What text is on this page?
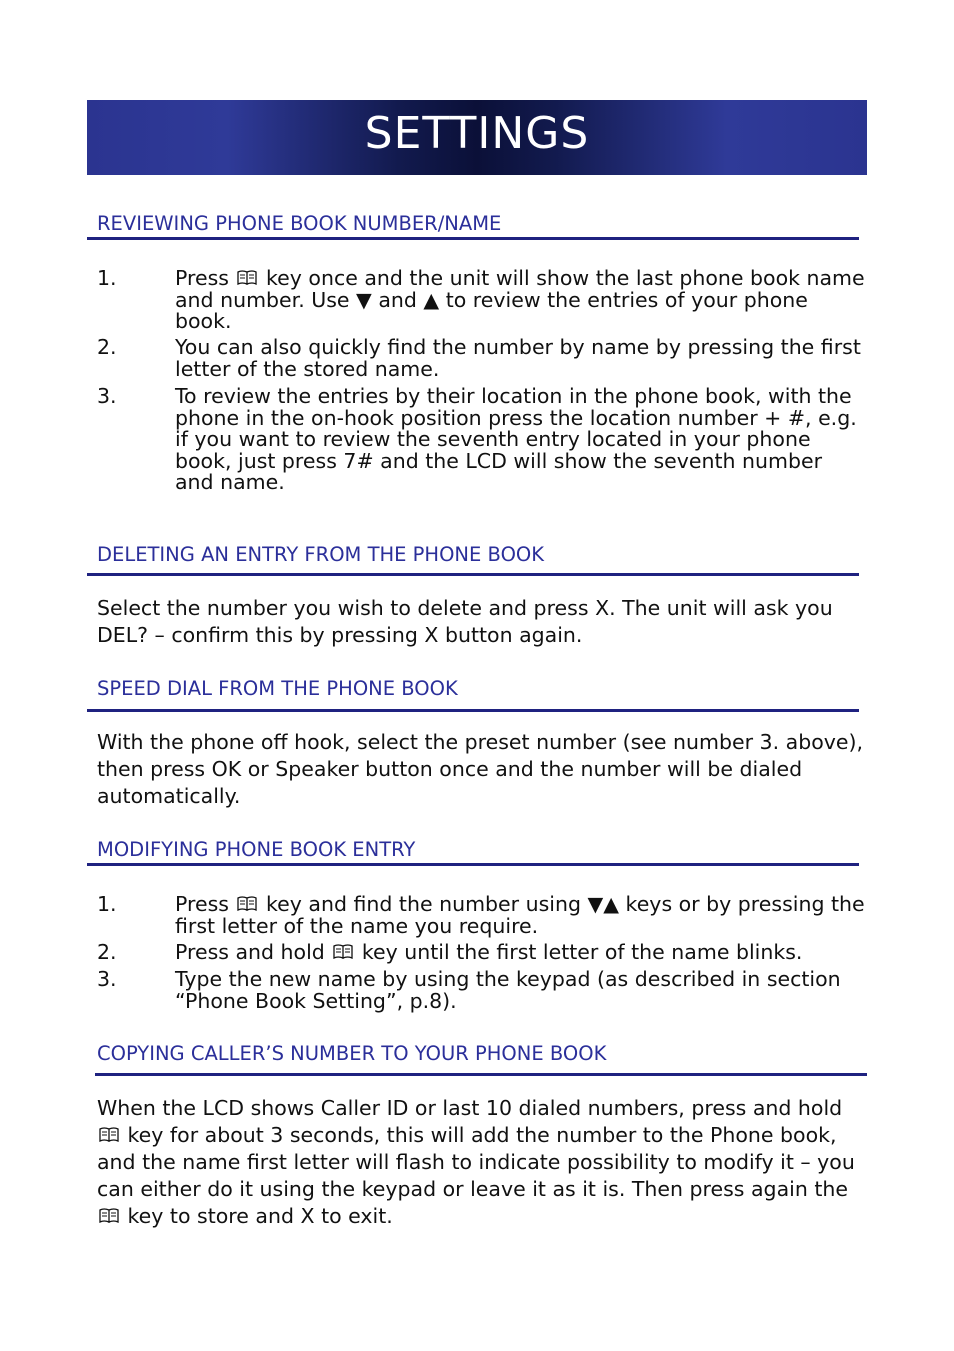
SETTINGS
REVIEWING PHONE BOOK NUMBER/NAME
1.	Press key once and the unit will show the last phone book name and number. Use ▼ and ▲ to review the entries of your phone book.
2.	You can also quickly find the number by name by pressing the first letter of the stored name.
3.	To review the entries by their location in the phone book, with the phone in the on-hook position press the location number + #, e.g. if you want to review the seventh entry located in your phone book, just press 7# and the LCD will show the seventh number and name.
DELETING AN ENTRY FROM THE PHONE BOOK
Select the number you wish to delete and press X. The unit will ask you DEL? – confirm this by pressing X button again.
SPEED DIAL FROM THE PHONE BOOK
With the phone off hook, select the preset number (see number 3. above), then press OK or Speaker button once and the number will be dialed automatically.
MODIFYING PHONE BOOK ENTRY
1.	Press key and find the number using ▼▲ keys or by pressing the first letter of the name you require.
2.	Press and hold key until the first letter of the name blinks.
3.	Type the new name by using the keypad (as described in section “Phone Book Setting”, p.8).
COPYING CALLER’S NUMBER TO YOUR PHONE BOOK
When the LCD shows Caller ID or last 10 dialed numbers, press and hold
key for about 3 seconds, this will add the number to the Phone book, and the name first letter will flash to indicate possibility to modify it – you can either do it using the keypad or leave it as it is. Then press again the
key to store and X to exit.
